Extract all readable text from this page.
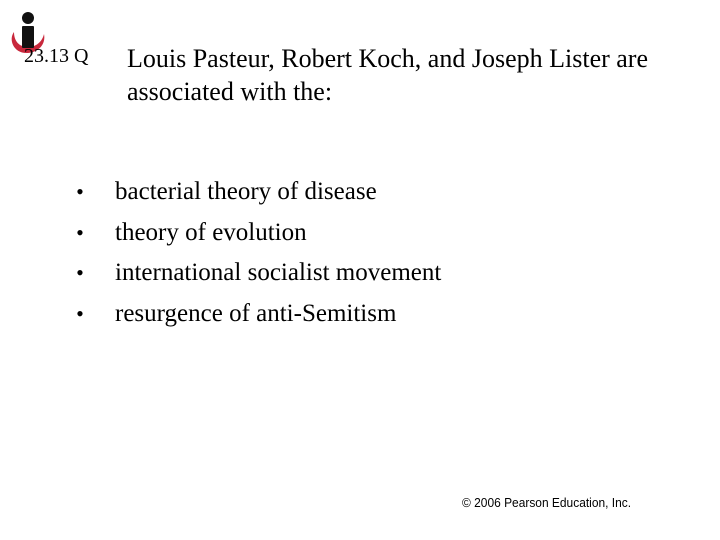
23.13 Q Louis Pasteur, Robert Koch, and Joseph Lister are associated with the:
• bacterial theory of disease
• theory of evolution
• international socialist movement
• resurgence of anti-Semitism
© 2006 Pearson Education, Inc.
